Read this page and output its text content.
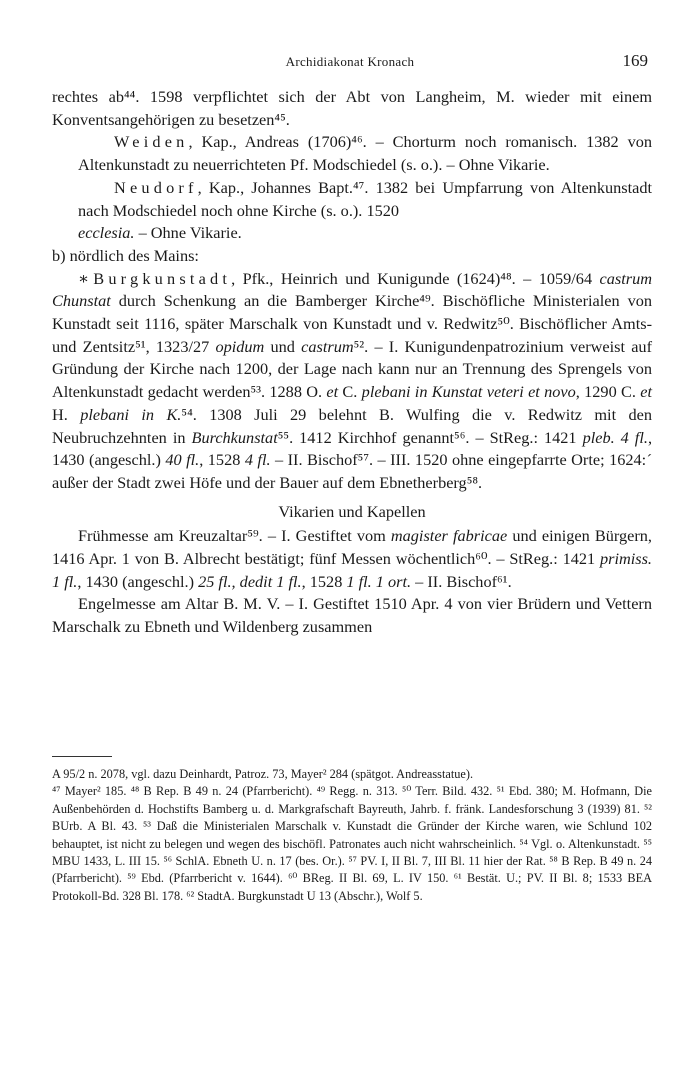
Archidiakonat Kronach	169

rechtes ab⁴⁴. 1598 verpflichtet sich der Abt von Langheim, M. wieder mit einem Konventsangehörigen zu besetzen⁴⁵.

Weiden, Kap., Andreas (1706)⁴⁶. – Chorturm noch romanisch. 1382 von Altenkunstadt zu neuerrichteten Pf. Modschiedel (s. o.). – Ohne Vikarie.

Neudorf, Kap., Johannes Bapt.⁴⁷. 1382 bei Umpfarrung von Altenkunstadt nach Modschiedel noch ohne Kirche (s. o.). 1520
ecclesia. – Ohne Vikarie.

b) nördlich des Mains:

∗Burgkunstadt, Pfk., Heinrich und Kunigunde (1624)⁴⁸. – 1059/64 castrum Chunstat durch Schenkung an die Bamberger Kirche⁴⁹. Bischöfliche Ministerialen von Kunstadt seit 1116, später Marschalk von Kunstadt und v. Redwitz⁵⁰. Bischöflicher Amts- und Zentsitz⁵¹, 1323/27 opidum und castrum⁵². – I. Kunigundenpatrozinium verweist auf Gründung der Kirche nach 1200, der Lage nach kann nur an Trennung des Sprengels von Altenkunstadt gedacht werden⁵³. 1288 O. et C. plebani in Kunstat veteri et novo, 1290 C. et H. plebani in K.⁵⁴. 1308 Juli 29 belehnt B. Wulfing die v. Redwitz mit den Neubruchzehnten in Burchkunstat⁵⁵. 1412 Kirchhof genannt⁵⁶. – StReg.: 1421 pleb. 4 fl., 1430 (angeschl.) 40 fl., 1528 4 fl. – II. Bischof⁵⁷. – III. 1520 ohne eingepfarrte Orte; 1624:ˊ außer der Stadt zwei Höfe und der Bauer auf dem Ebnetherberg⁵⁸.

Vikarien und Kapellen

Frühmesse am Kreuzaltar⁵⁹. – I. Gestiftet vom magister fabricae und einigen Bürgern, 1416 Apr. 1 von B. Albrecht bestätigt; fünf Messen wöchentlich⁶⁰. – StReg.: 1421 primiss. 1 fl., 1430 (angeschl.) 25 fl., dedit 1 fl., 1528 1 fl. 1 ort. – II. Bischof⁶¹.

Engelmesse am Altar B. M. V. – I. Gestiftet 1510 Apr. 4 von vier Brüdern und Vettern Marschalk zu Ebneth und Wildenberg zusammen

A 95/2 n. 2078, vgl. dazu Deinhardt, Patroz. 73, Mayer² 284 (spätgot. Andreasstatue).

⁴⁷ Mayer² 185. ⁴⁸ B Rep. B 49 n. 24 (Pfarrbericht). ⁴⁹ Regg. n. 313. ⁵⁰ Terr. Bild. 432. ⁵¹ Ebd. 380; M. Hofmann, Die Außenbehörden d. Hochstifts Bamberg u. d. Markgrafschaft Bayreuth, Jahrb. f. fränk. Landesforschung 3 (1939) 81. ⁵² BUrb. A Bl. 43. ⁵³ Daß die Ministerialen Marschalk v. Kunstadt die Gründer der Kirche waren, wie Schlund 102 behauptet, ist nicht zu belegen und wegen des bischöfl. Patronates auch nicht wahrscheinlich. ⁵⁴ Vgl. o. Altenkunstadt. ⁵⁵ MBU 1433, L. III 15. ⁵⁶ SchlA. Ebneth U. n. 17 (bes. Or.). ⁵⁷ PV. I, II Bl. 7, III Bl. 11 hier der Rat. ⁵⁸ B Rep. B 49 n. 24 (Pfarrbericht). ⁵⁹ Ebd. (Pfarrbericht v. 1644). ⁶⁰ BReg. II Bl. 69, L. IV 150. ⁶¹ Bestät. U.; PV. II Bl. 8; 1533 BEA Protokoll-Bd. 328 Bl. 178. ⁶² StadtA. Burgkunstadt U 13 (Abschr.), Wolf 5.
